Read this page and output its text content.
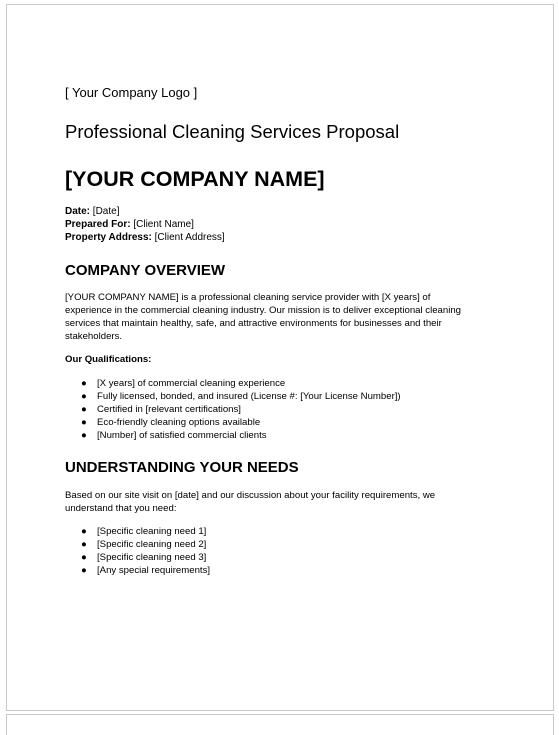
[ Your Company Logo ]
Professional Cleaning Services Proposal
[YOUR COMPANY NAME]
Date: [Date]
Prepared For: [Client Name]
Property Address: [Client Address]
COMPANY OVERVIEW
[YOUR COMPANY NAME] is a professional cleaning service provider with [X years] of
experience in the commercial cleaning industry. Our mission is to deliver exceptional cleaning
services that maintain healthy, safe, and attractive environments for businesses and their
stakeholders.
Our Qualifications:
● [X years] of commercial cleaning experience
● Fully licensed, bonded, and insured (License #: [Your License Number])
● Certified in [relevant certifications]
● Eco-friendly cleaning options available
● [Number] of satisfied commercial clients
UNDERSTANDING YOUR NEEDS
Based on our site visit on [date] and our discussion about your facility requirements, we
understand that you need:
● [Specific cleaning need 1]
● [Specific cleaning need 2]
● [Specific cleaning need 3]
● [Any special requirements]
